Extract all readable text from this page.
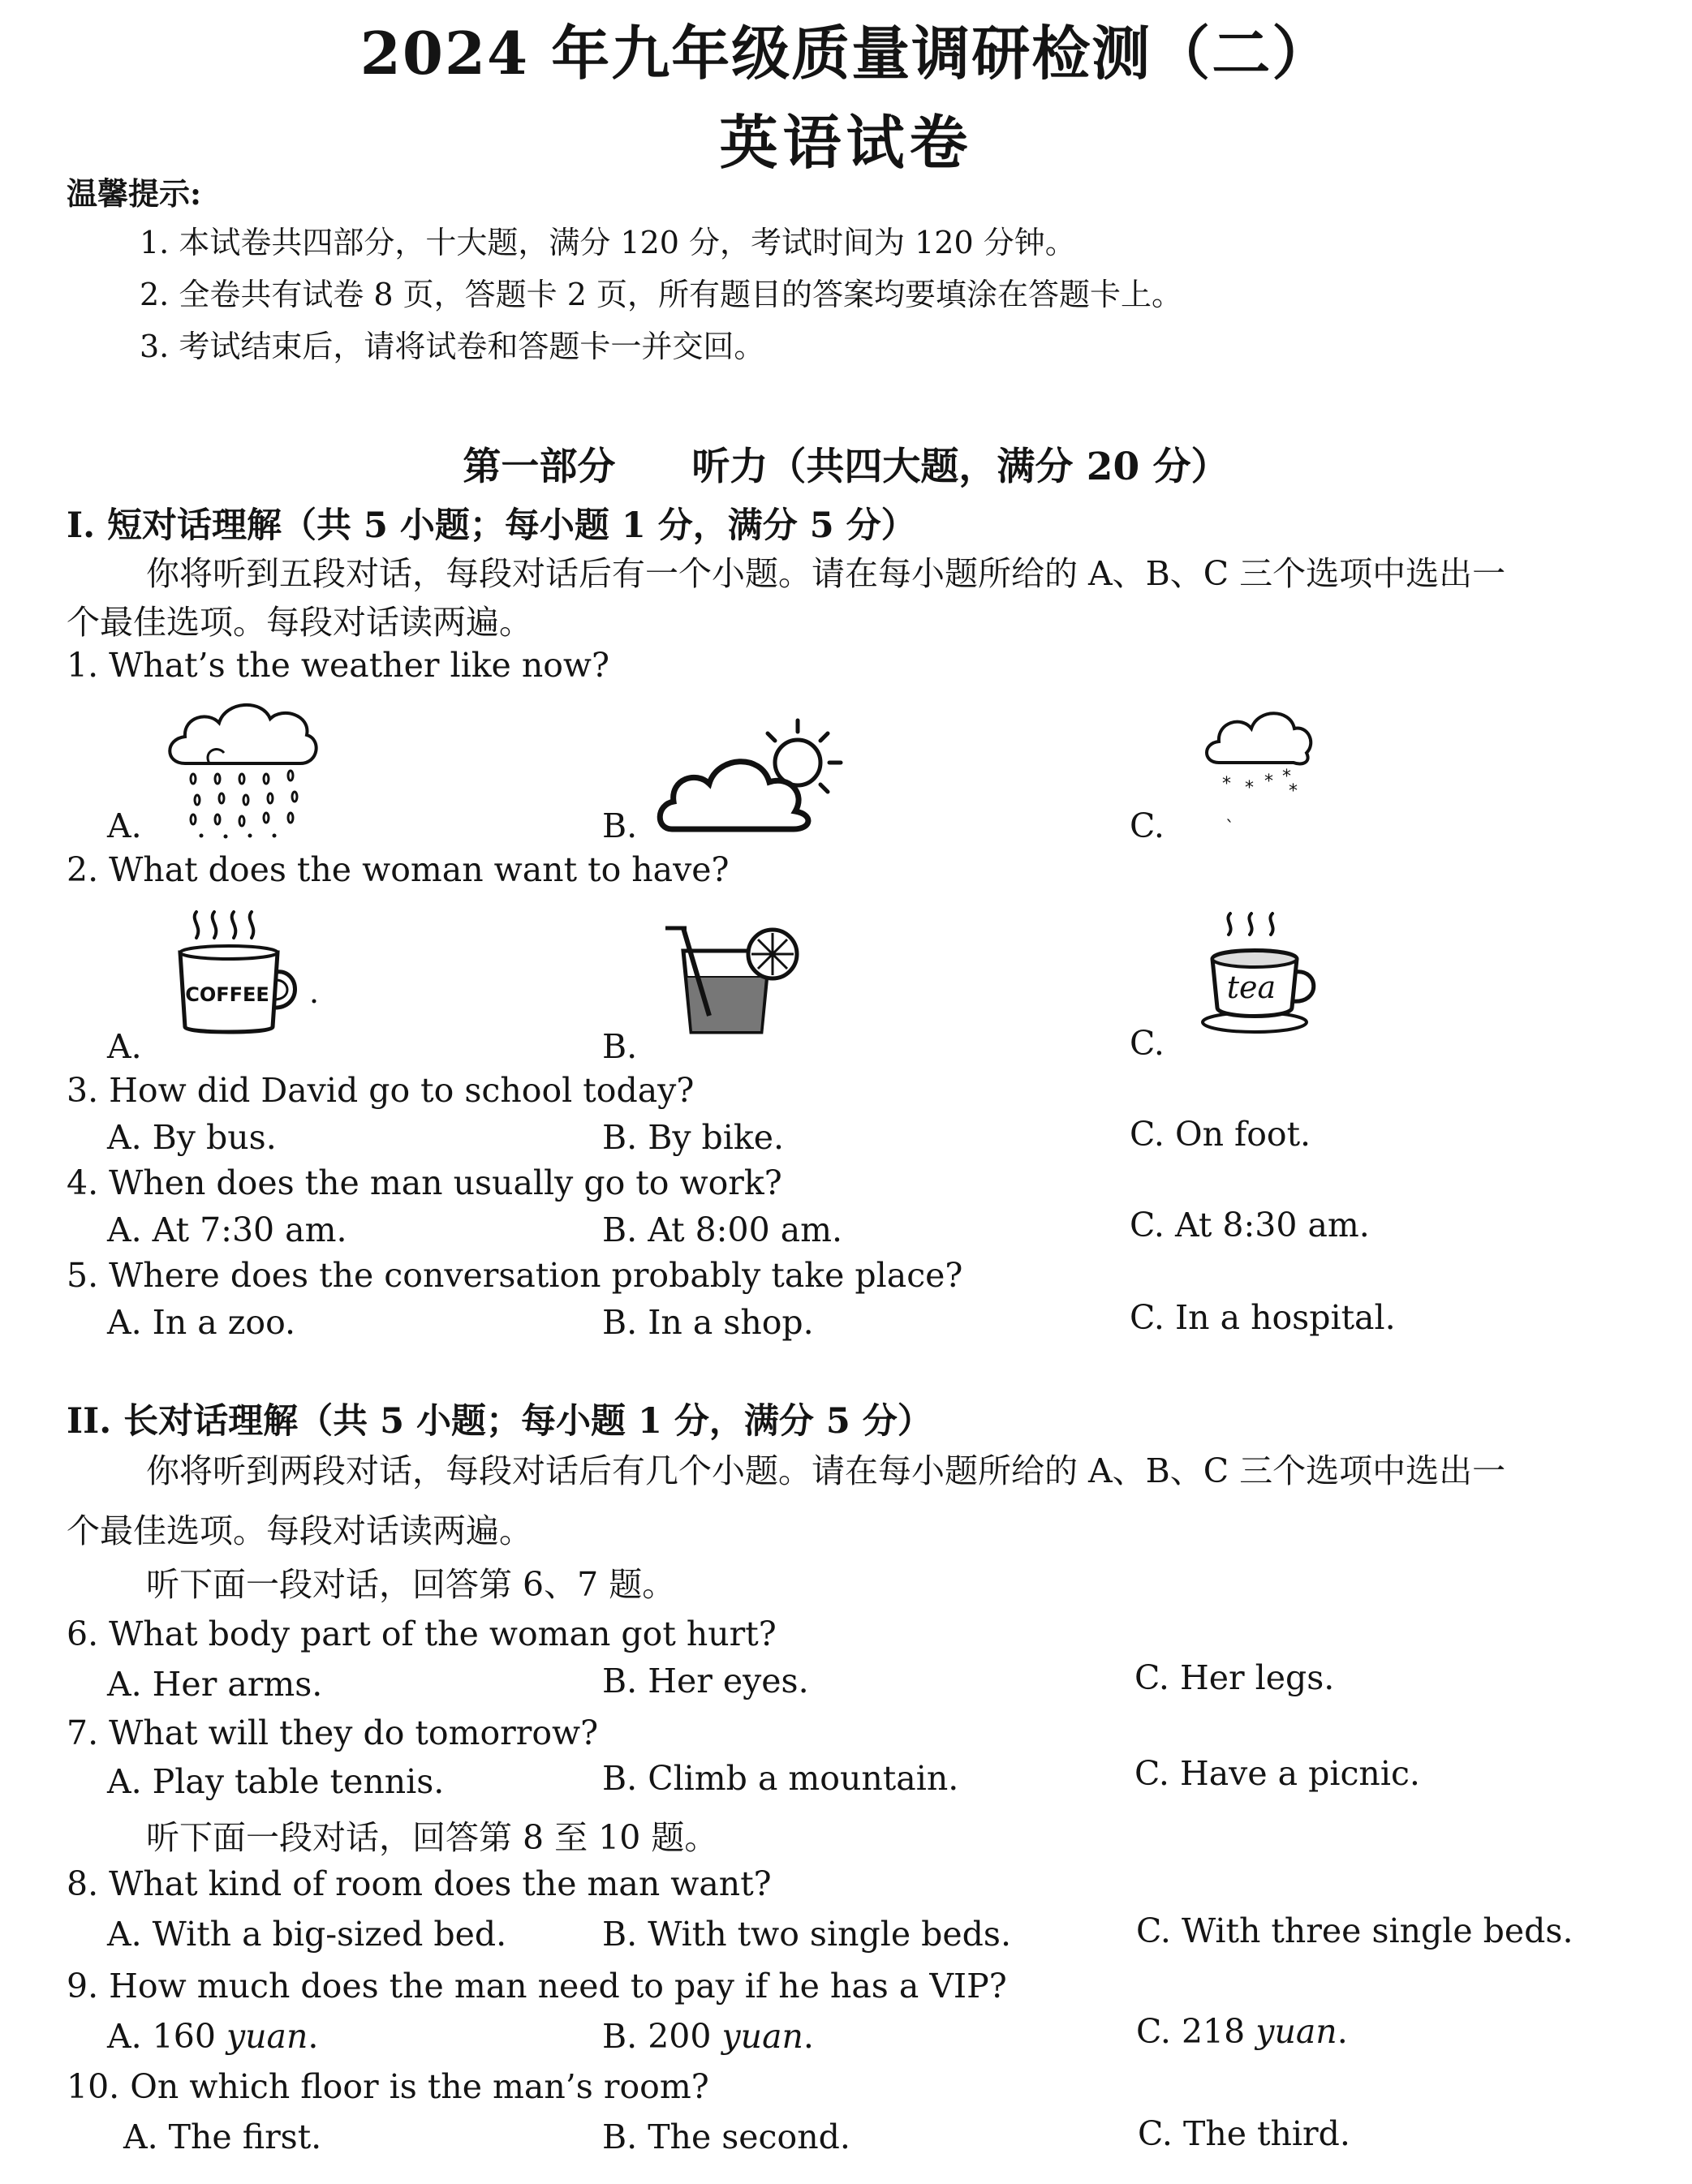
2024 年九年级质量调研检测（二）
英语试卷
温馨提示:
1. 本试卷共四部分，十大题，满分 120 分，考试时间为 120 分钟。
2. 全卷共有试卷 8 页，答题卡 2 页，所有题目的答案均要填涂在答题卡上。
3. 考试结束后，请将试卷和答题卡一并交回。
第一部分　　听力（共四大题，满分 20 分）
I. 短对话理解（共 5 小题；每小题 1 分，满分 5 分）
你将听到五段对话，每段对话后有一个小题。请在每小题所给的 A、B、C 三个选项中选出一
个最佳选项。每段对话读两遍。
1. What’s the weather like now?
A.	B.	C.
* * * *
*
ˎ
2. What does the woman want to have?
A.
COFFEE
B.	C.
tea
3. How did David go to school today?
A. By bus.	B. By bike.	C. On foot.
4. When does the man usually go to work?
A. At 7:30 am.	B. At 8:00 am.	C. At 8:30 am.
5. Where does the conversation probably take place?
A. In a zoo.	B. In a shop.	C. In a hospital.
II. 长对话理解（共 5 小题；每小题 1 分，满分 5 分）
你将听到两段对话，每段对话后有几个小题。请在每小题所给的 A、B、C 三个选项中选出一
个最佳选项。每段对话读两遍。
听下面一段对话，回答第 6、7 题。
6. What body part of the woman got hurt?
A. Her arms.	B. Her eyes.	C. Her legs.
7. What will they do tomorrow?
A. Play table tennis.	B. Climb a mountain.	C. Have a picnic.
听下面一段对话，回答第 8 至 10 题。
8. What kind of room does the man want?
A. With a big-sized bed.	B. With two single beds.	C. With three single beds.
9. How much does the man need to pay if he has a VIP?
A. 160 yuan.	B. 200 yuan.	C. 218 yuan.
10. On which floor is the man’s room?
A. The first.	B. The second.	C. The third.
